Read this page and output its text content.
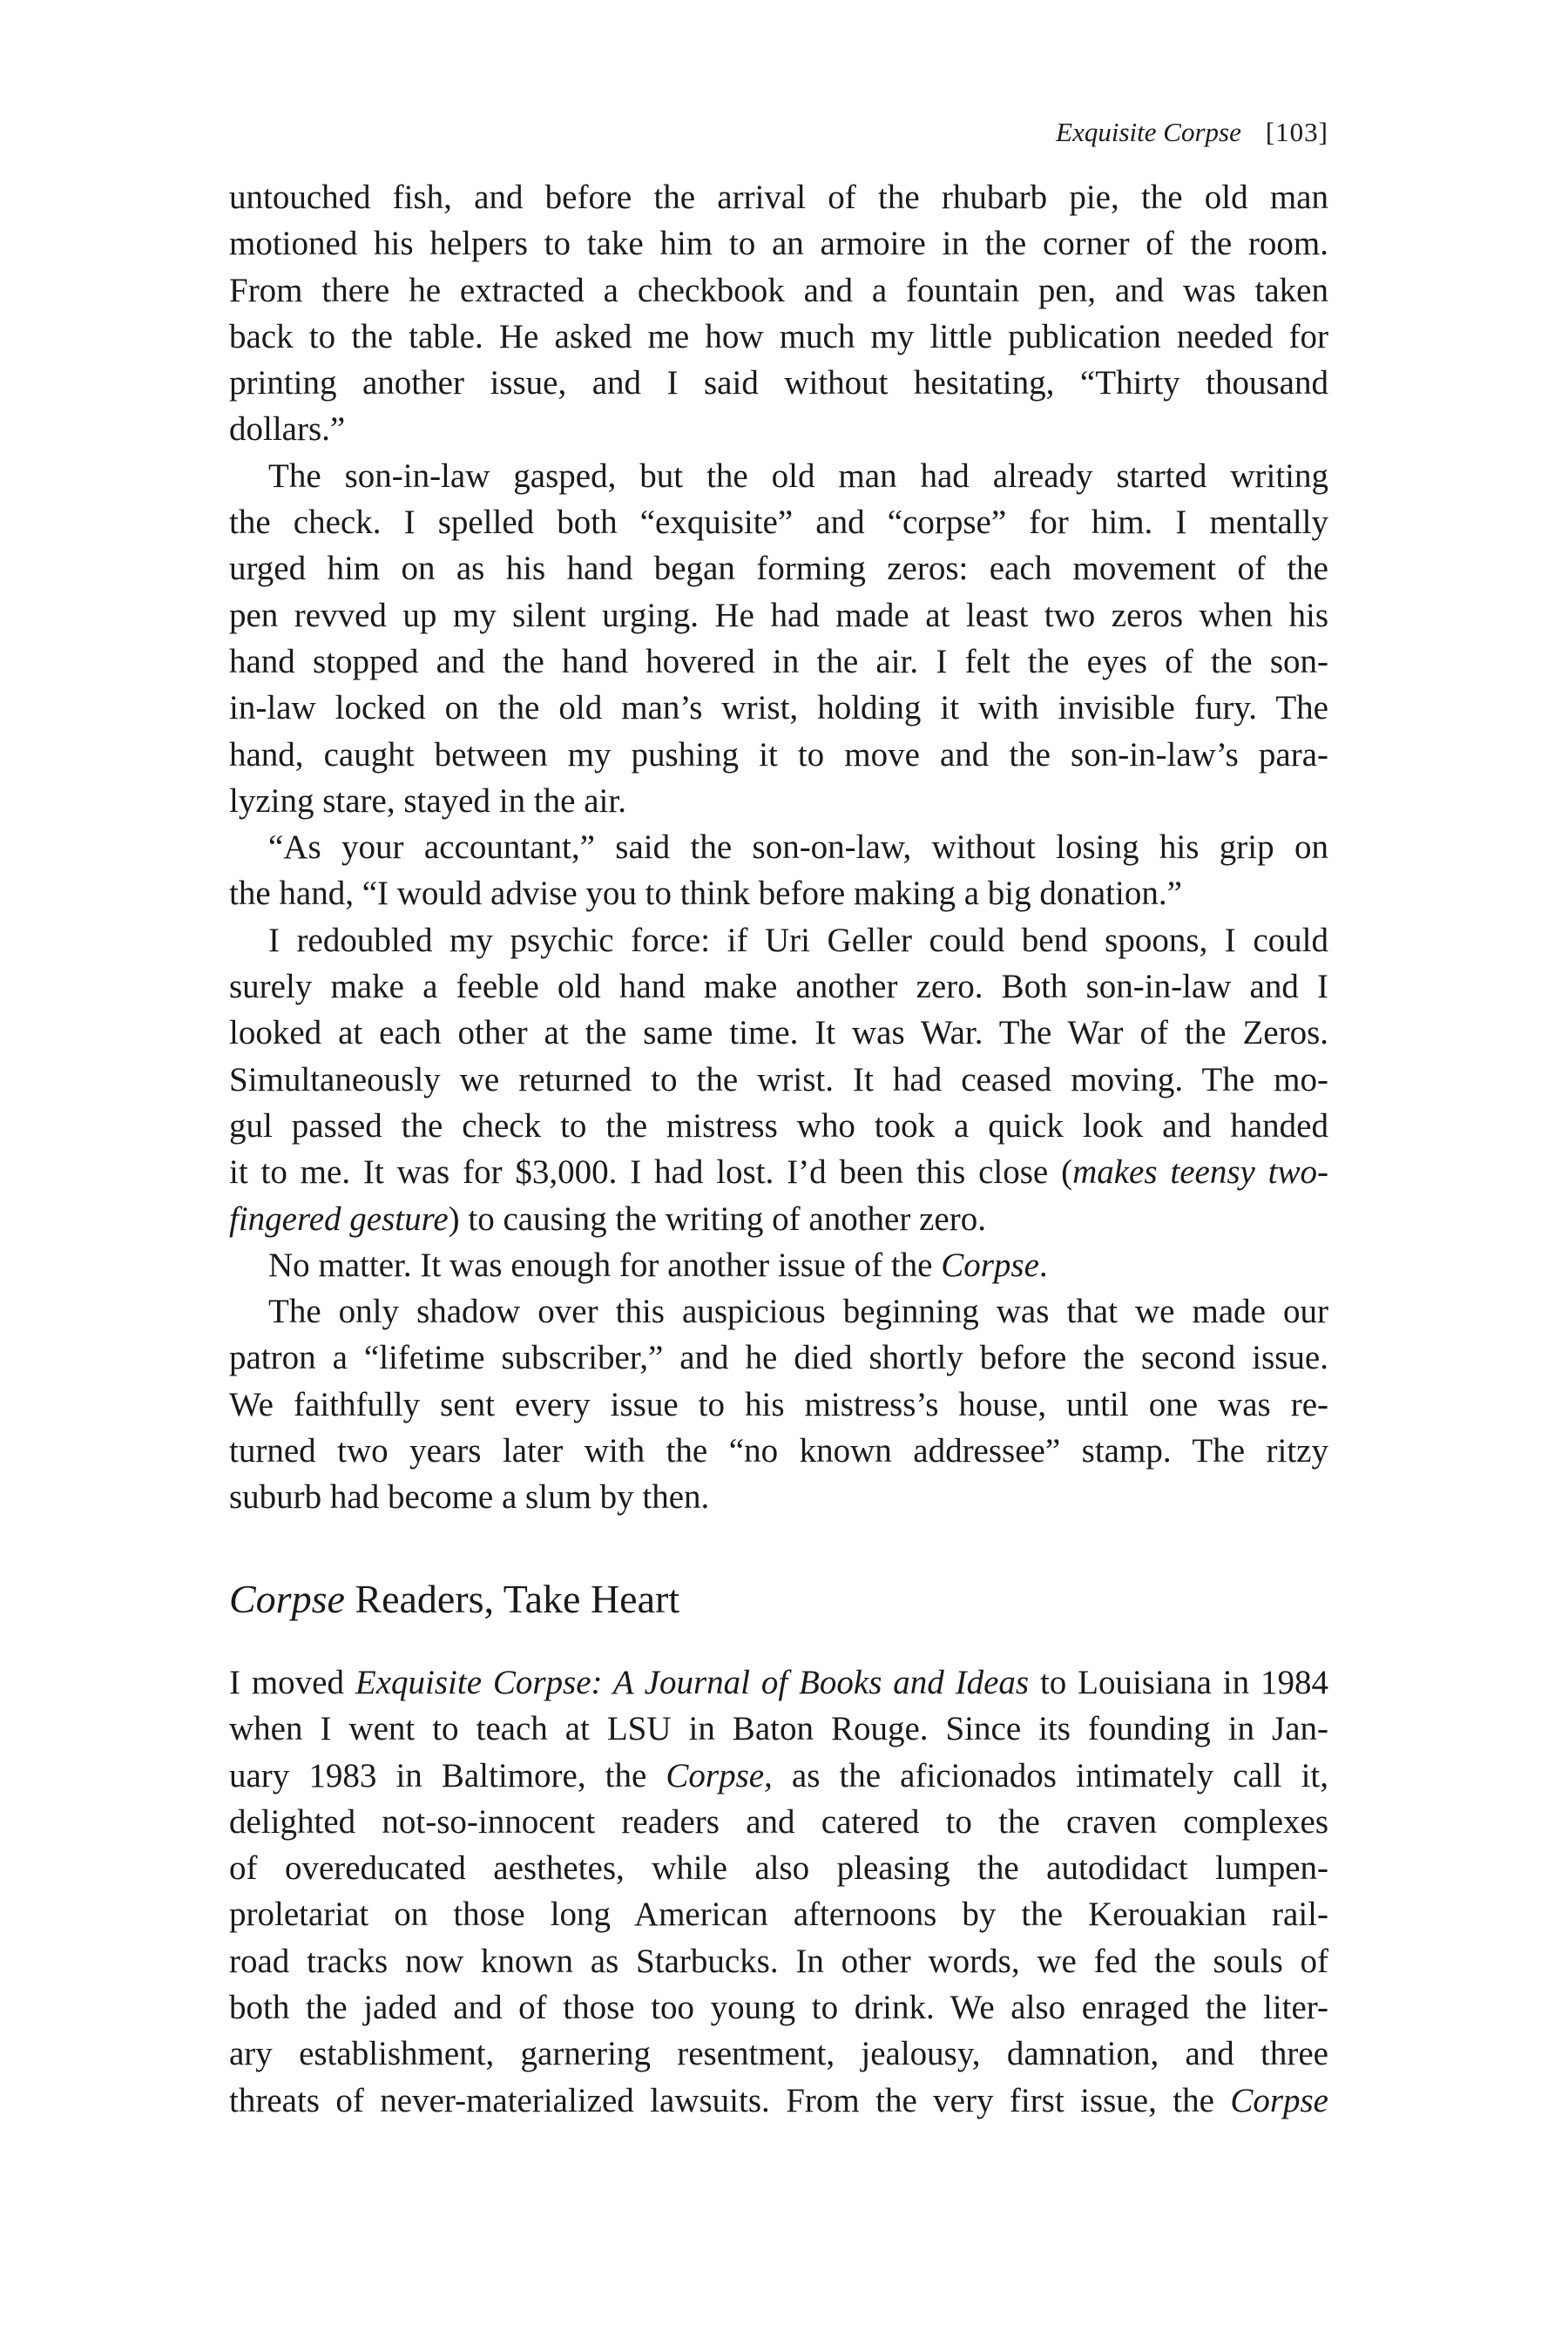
Exquisite Corpse [103]
untouched fish, and before the arrival of the rhubarb pie, the old man
motioned his helpers to take him to an armoire in the corner of the room.
From there he extracted a checkbook and a fountain pen, and was taken
back to the table. He asked me how much my little publication needed for
printing another issue, and I said without hesitating, “Thirty thousand
dollars.”
The son-in-law gasped, but the old man had already started writing
the check. I spelled both “exquisite” and “corpse” for him. I mentally
urged him on as his hand began forming zeros: each movement of the
pen revved up my silent urging. He had made at least two zeros when his
hand stopped and the hand hovered in the air. I felt the eyes of the son-
in-law locked on the old man’s wrist, holding it with invisible fury. The
hand, caught between my pushing it to move and the son-in-law’s para-
lyzing stare, stayed in the air.
“As your accountant,” said the son-on-law, without losing his grip on
the hand, “I would advise you to think before making a big donation.”
I redoubled my psychic force: if Uri Geller could bend spoons, I could
surely make a feeble old hand make another zero. Both son-in-law and I
looked at each other at the same time. It was War. The War of the Zeros.
Simultaneously we returned to the wrist. It had ceased moving. The mo-
gul passed the check to the mistress who took a quick look and handed
it to me. It was for $3,000. I had lost. I’d been this close (makes teensy two-
fingered gesture) to causing the writing of another zero.
No matter. It was enough for another issue of the Corpse.
The only shadow over this auspicious beginning was that we made our
patron a “lifetime subscriber,” and he died shortly before the second issue.
We faithfully sent every issue to his mistress’s house, until one was re-
turned two years later with the “no known addressee” stamp. The ritzy
suburb had become a slum by then.
Corpse Readers, Take Heart
I moved Exquisite Corpse: A Journal of Books and Ideas to Louisiana in 1984
when I went to teach at LSU in Baton Rouge. Since its founding in Jan-
uary 1983 in Baltimore, the Corpse, as the aficionados intimately call it,
delighted not-so-innocent readers and catered to the craven complexes
of overeducated aesthetes, while also pleasing the autodidact lumpen-
proletariat on those long American afternoons by the Kerouakian rail-
road tracks now known as Starbucks. In other words, we fed the souls of
both the jaded and of those too young to drink. We also enraged the liter-
ary establishment, garnering resentment, jealousy, damnation, and three
threats of never-materialized lawsuits. From the very first issue, the Corpse
